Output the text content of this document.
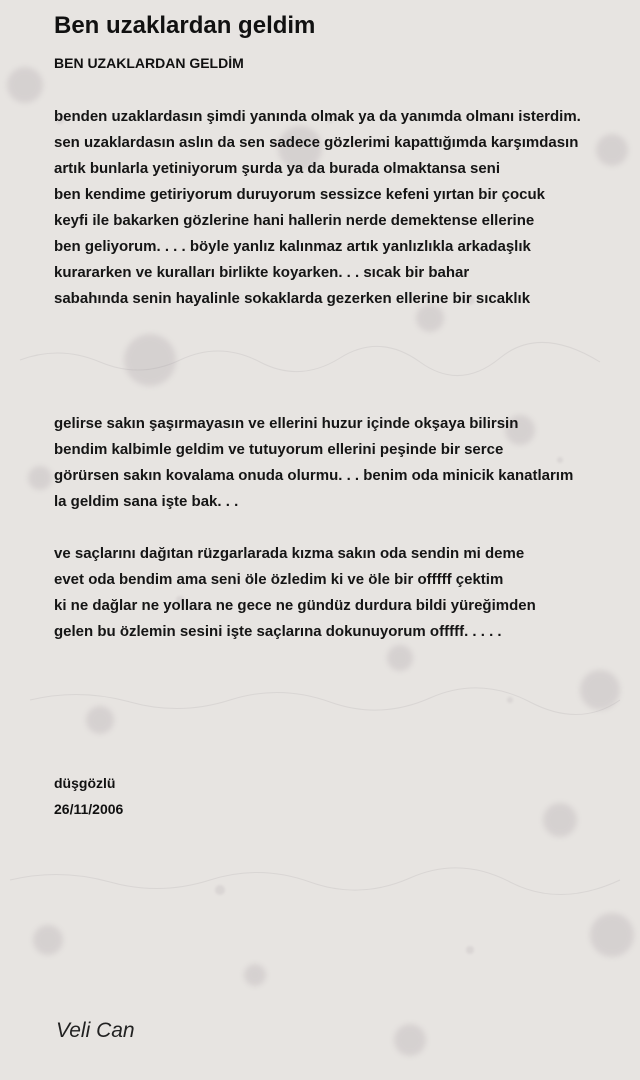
Ben uzaklardan geldim
BEN UZAKLARDAN GELDİM
benden uzaklardasın şimdi yanında olmak ya da yanımda olmanı isterdim.
sen uzaklardasın aslın da sen sadece gözlerimi kapattığımda karşımdasın
artık bunlarla yetiniyorum şurda ya da burada olmaktansa seni
ben kendime getiriyorum duruyorum sessizce kefeni yırtan bir çocuk
keyfi ile bakarken gözlerine hani hallerin nerde demektense ellerine
ben geliyorum. . . . böyle yanlız kalınmaz artık yanlızlıkla arkadaşlık
kurararken ve kuralları birlikte koyarken. . . sıcak bir bahar
sabahında senin hayalinle sokaklarda gezerken ellerine bir sıcaklık
gelirse sakın şaşırmayasın ve ellerini huzur içinde okşaya bilirsin
bendim kalbimle geldim ve tutuyorum ellerini peşinde bir serce
görürsen sakın kovalama onuda olurmu. . . benim oda minicik kanatlarım
la geldim sana işte bak. . .
ve saçlarını dağıtan rüzgarlarada kızma sakın oda sendin mi deme
evet oda bendim ama seni öle özledim ki ve öle bir offfff çektim
ki ne dağlar ne yollara ne gece ne gündüz durdura bildi yüreğimden
gelen bu özlemin sesini işte saçlarına dokunuyorum offfff. . . . .
düşgözlü
26/11/2006
Veli Can
